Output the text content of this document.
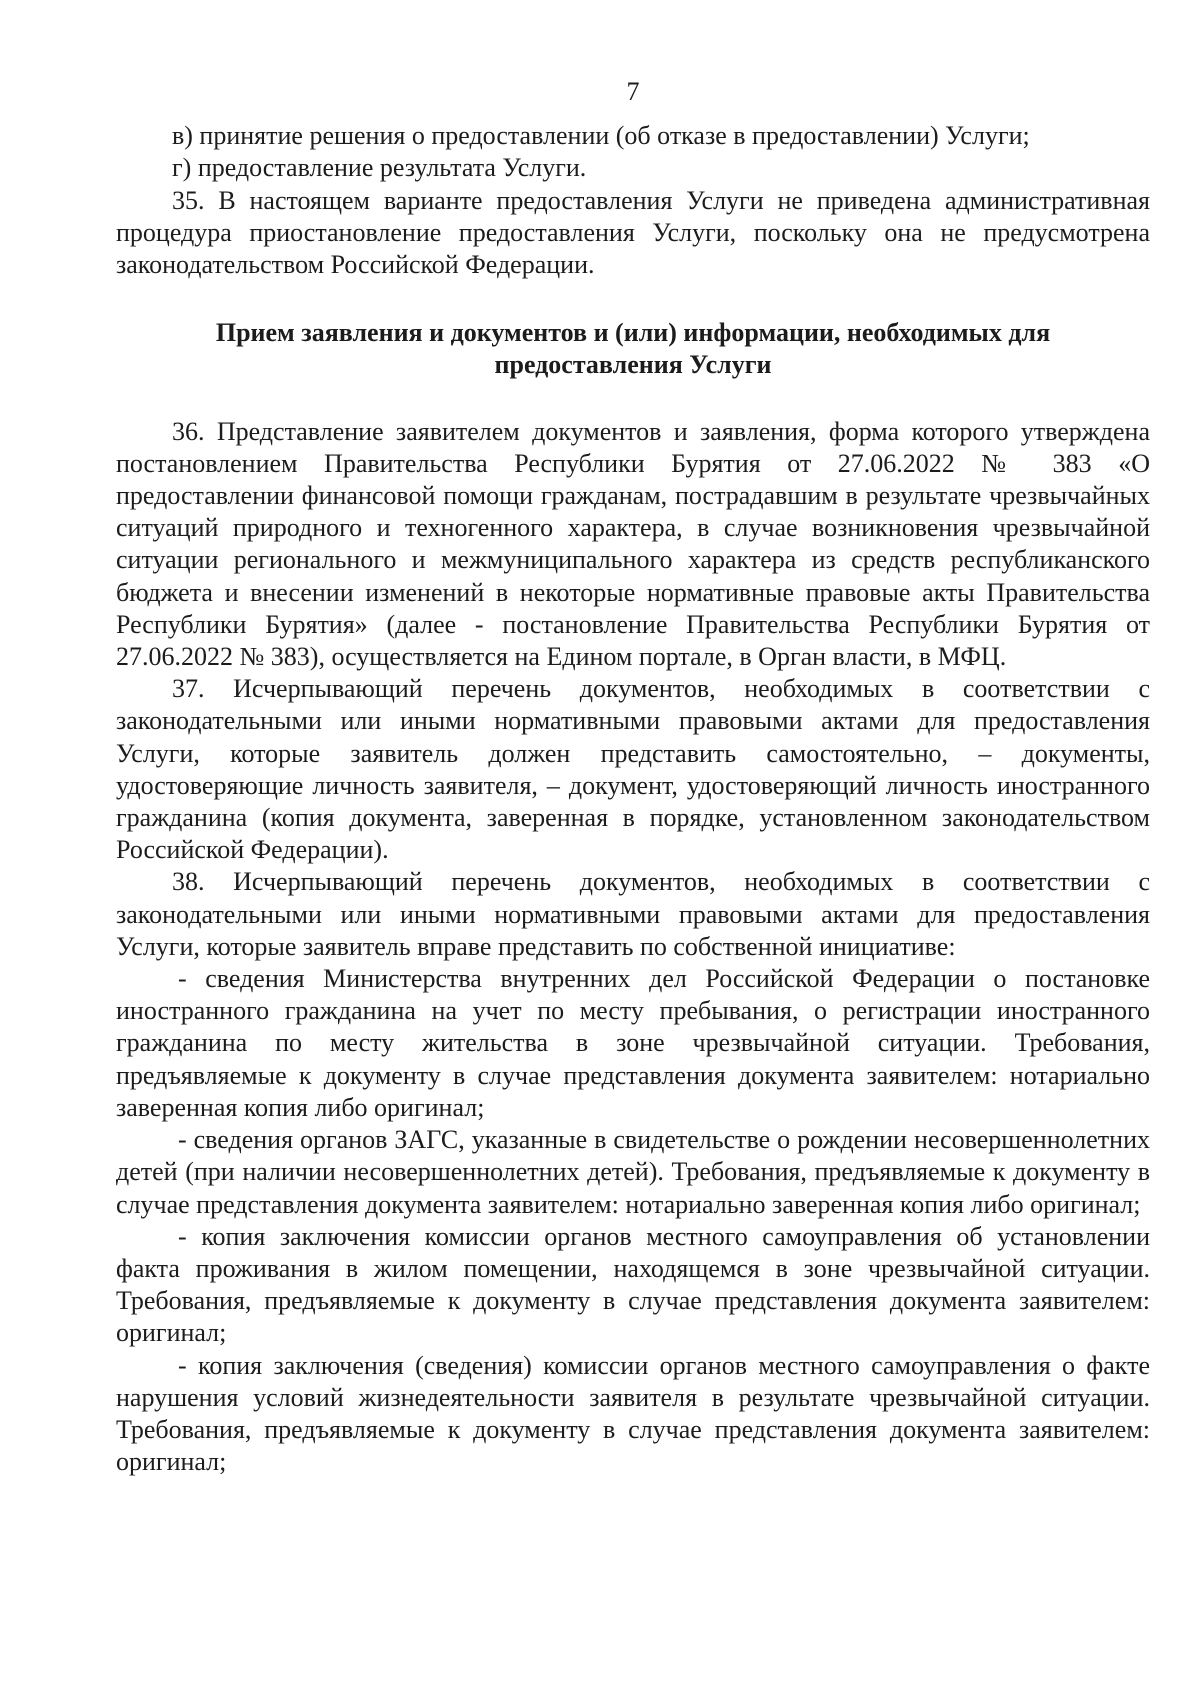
7

в) принятие решения о предоставлении (об отказе в предоставлении) Услуги;

г) предоставление результата Услуги.

35. В настоящем варианте предоставления Услуги не приведена административная процедура приостановление предоставления Услуги, поскольку она не предусмотрена законодательством Российской Федерации.

Прием заявления и документов и (или) информации, необходимых для предоставления Услуги

36. Представление заявителем документов и заявления, форма которого утверждена постановлением Правительства Республики Бурятия от 27.06.2022 № 383 «О предоставлении финансовой помощи гражданам, пострадавшим в результате чрезвычайных ситуаций природного и техногенного характера, в случае возникновения чрезвычайной ситуации регионального и межмуниципального характера из средств республиканского бюджета и внесении изменений в некоторые нормативные правовые акты Правительства Республики Бурятия» (далее - постановление Правительства Республики Бурятия от 27.06.2022 № 383), осуществляется на Едином портале, в Орган власти, в МФЦ.

37. Исчерпывающий перечень документов, необходимых в соответствии с законодательными или иными нормативными правовыми актами для предоставления Услуги, которые заявитель должен представить самостоятельно, – документы, удостоверяющие личность заявителя, – документ, удостоверяющий личность иностранного гражданина (копия документа, заверенная в порядке, установленном законодательством Российской Федерации).

38. Исчерпывающий перечень документов, необходимых в соответствии с законодательными или иными нормативными правовыми актами для предоставления Услуги, которые заявитель вправе представить по собственной инициативе:

- сведения Министерства внутренних дел Российской Федерации о постановке иностранного гражданина на учет по месту пребывания, о регистрации иностранного гражданина по месту жительства в зоне чрезвычайной ситуации. Требования, предъявляемые к документу в случае представления документа заявителем: нотариально заверенная копия либо оригинал;

- сведения органов ЗАГС, указанные в свидетельстве о рождении несовершеннолетних детей (при наличии несовершеннолетних детей). Требования, предъявляемые к документу в случае представления документа заявителем: нотариально заверенная копия либо оригинал;

- копия заключения комиссии органов местного самоуправления об установлении факта проживания в жилом помещении, находящемся в зоне чрезвычайной ситуации. Требования, предъявляемые к документу в случае представления документа заявителем: оригинал;

- копия заключения (сведения) комиссии органов местного самоуправления о факте нарушения условий жизнедеятельности заявителя в результате чрезвычайной ситуации. Требования, предъявляемые к документу в случае представления документа заявителем: оригинал;
